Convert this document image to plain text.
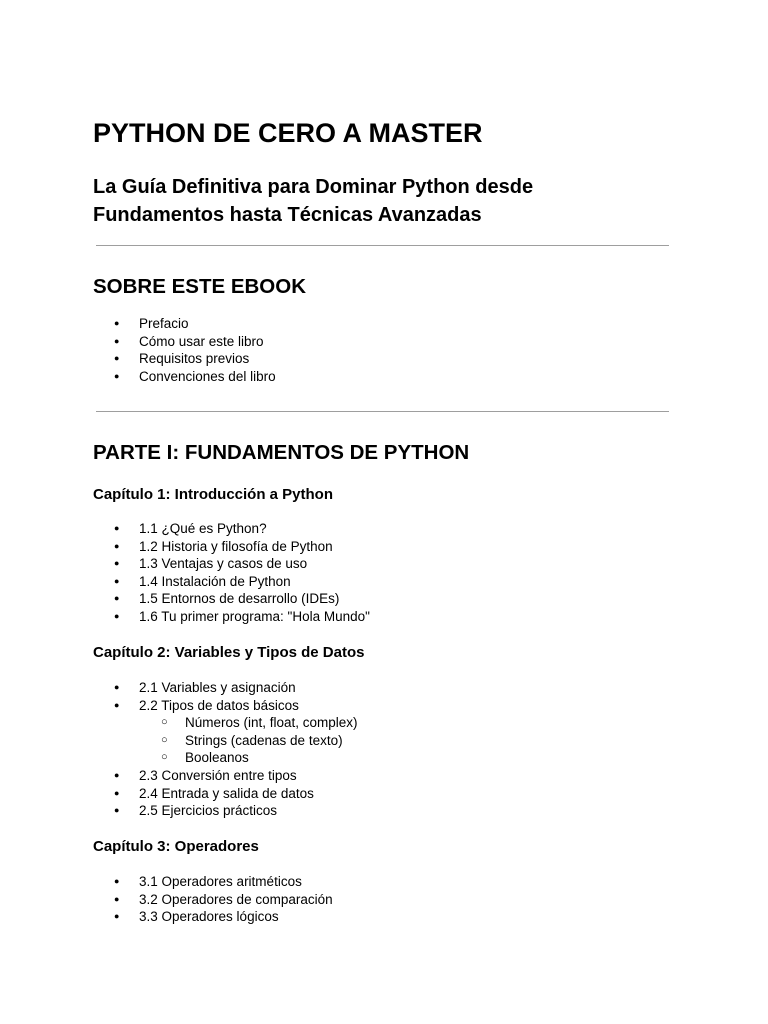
PYTHON DE CERO A MASTER
La Guía Definitiva para Dominar Python desde Fundamentos hasta Técnicas Avanzadas
SOBRE ESTE EBOOK
● Prefacio
● Cómo usar este libro
● Requisitos previos
● Convenciones del libro
PARTE I: FUNDAMENTOS DE PYTHON
Capítulo 1: Introducción a Python
● 1.1 ¿Qué es Python?
● 1.2 Historia y filosofía de Python
● 1.3 Ventajas y casos de uso
● 1.4 Instalación de Python
● 1.5 Entornos de desarrollo (IDEs)
● 1.6 Tu primer programa: "Hola Mundo"
Capítulo 2: Variables y Tipos de Datos
● 2.1 Variables y asignación
● 2.2 Tipos de datos básicos
○ Números (int, float, complex)
○ Strings (cadenas de texto)
○ Booleanos
● 2.3 Conversión entre tipos
● 2.4 Entrada y salida de datos
● 2.5 Ejercicios prácticos
Capítulo 3: Operadores
● 3.1 Operadores aritméticos
● 3.2 Operadores de comparación
● 3.3 Operadores lógicos
